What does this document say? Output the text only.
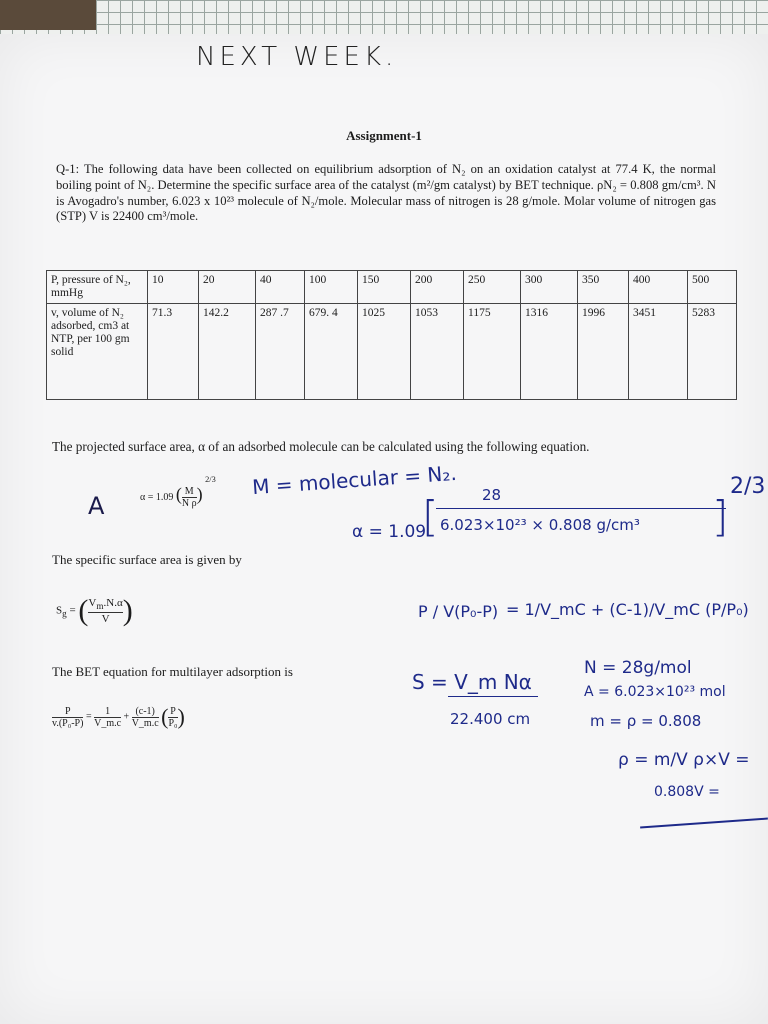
NEXT WEEK.
Assignment-1
Q-1: The following data have been collected on equilibrium adsorption of N₂ on an oxidation catalyst at 77.4 K, the normal boiling point of N₂. Determine the specific surface area of the catalyst (m²/gm catalyst) by BET technique. ρN₂ = 0.808 gm/cm³. N is Avogadro's number, 6.023 x 10²³ molecule of N₂/mole. Molecular mass of nitrogen is 28 g/mole. Molar volume of nitrogen gas (STP) V is 22400 cm³/mole.
P, pressure of N₂, mmHg	10	20	40	100	150	200	250	300	350	400	500
v, volume of N₂ adsorbed, cm3 at NTP, per 100 gm solid	71.3	142.2	287 .7	679. 4	1025	1053	1175	1316	1996	3451	5283
The projected surface area, α of an adsorbed molecule can be calculated using the following equation.
α = 1.09 ( $\frac{M}{\text{N ρ}}$ ) $^{2/3}$
A
M = molecular = N₂.
α = 1.09
[	28
6.023×10²³ × 0.808 g/cm³ ]
2/3
The specific surface area is given by
$S_g$ = ( $\frac{V_m.N.\alpha}{V}$ )	P / V(P₀-P) = 1/V_mC + (C-1)/V_mC (P/P₀)
The BET equation for multilayer adsorption is
$\frac{P}{\text{v.(P₀-P)}} = \frac{1}{V\_m.c} + \frac{(c-1)}{V\_m.c}$ ( $\frac{P}{\text{P₀}}$ )
S = V_m Nα
22.400 cm
N = 28g/mol
A = 6.023×10²³ mol
m = ρ = 0.808
ρ = m/V ρ×V =
0.808V =
